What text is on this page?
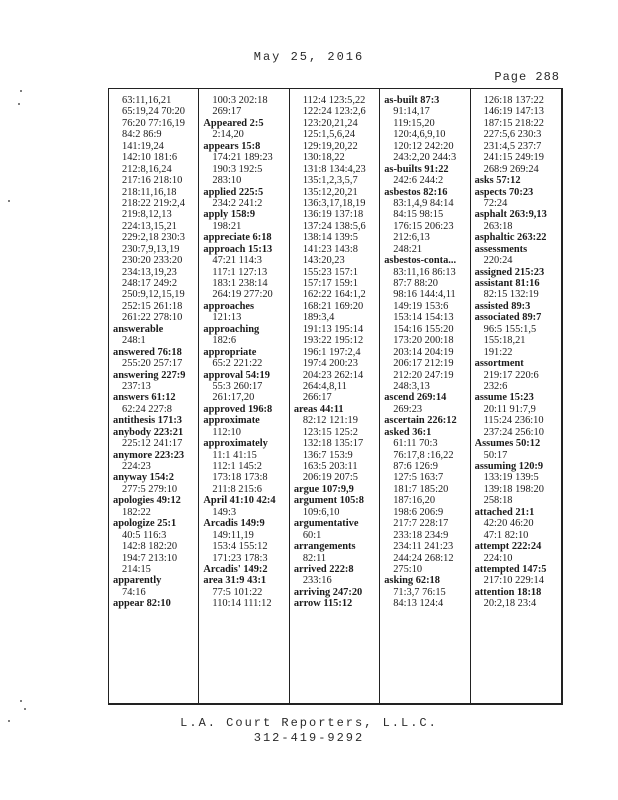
May 25, 2016
Page 288
63:11,16,21
65:19,24 70:20
76:20 77:16,19
84:2 86:9
141:19,24
142:10 181:6
212:8,16,24
217:16 218:10
218:11,16,18
218:22 219:2,4
219:8,12,13
224:13,15,21
229:2,18 230:3
230:7,9,13,19
230:20 233:20
234:13,19,23
248:17 249:2
250:9,12,15,19
252:15 261:18
261:22 278:10
answerable
248:1
answered 76:18
255:20 257:17
answering 227:9
237:13
answers 61:12
62:24 227:8
antithesis 171:3
anybody 223:21
225:12 241:17
anymore 223:23
224:23
anyway 154:2
277:5 279:10
apologies 49:12
182:22
apologize 25:1
40:5 116:3
142:8 182:20
194:7 213:10
214:15
apparently
74:16
appear 82:10
100:3 202:18
269:17
Appeared 2:5
2:14,20
appears 15:8
174:21 189:23
190:3 192:5
283:10
applied 225:5
234:2 241:2
apply 158:9
198:21
appreciate 6:18
approach 15:13
47:21 114:3
117:1 127:13
183:1 238:14
264:19 277:20
approaches
121:13
approaching
182:6
appropriate
65:2 221:22
approval 54:19
55:3 260:17
261:17,20
approved 196:8
approximate
112:10
approximately
11:1 41:15
112:1 145:2
173:18 173:8
211:8 215:6
April 41:10 42:4
149:3
Arcadis 149:9
149:11,19
153:4 155:12
171:23 178:3
Arcadis' 149:2
area 31:9 43:1
77:5 101:22
110:14 111:12
112:4 123:5,22
122:24 123:2,6
123:20,21,24
125:1,5,6,24
129:19,20,22
130:18,22
131:8 134:4,23
135:1,2,3,5,7
135:12,20,21
136:3,17,18,19
136:19 137:18
137:24 138:5,6
138:14 139:5
141:23 143:8
143:20,23
155:23 157:1
157:17 159:1
162:22 164:1,2
168:21 169:20
189:3,4
191:13 195:14
193:22 195:12
196:1 197:2,4
197:4 200:23
204:23 262:14
264:4,8,11
266:17
areas 44:11
82:12 121:19
123:15 125:2
132:18 135:17
136:7 153:9
163:5 203:11
206:19 207:5
argue 107:9,9
argument 105:8
109:6,10
argumentative
60:1
arrangements
82:11
arrived 222:8
233:16
arriving 247:20
arrow 115:12
as-built 87:3
91:14,17
119:15,20
120:4,6,9,10
120:12 242:20
243:2,20 244:3
as-builts 91:22
242:6 244:2
asbestos 82:16
83:1,4,9 84:14
84:15 98:15
176:15 206:23
212:6,13
248:21
asbestos-conta...
83:11,16 86:13
87:7 88:20
98:16 144:4,11
149:19 153:6
153:14 154:13
154:16 155:20
173:20 200:18
203:14 204:19
206:17 212:19
212:20 247:19
248:3,13
ascend 269:14
269:23
ascertain 226:12
asked 36:1
61:11 70:3
76:17,8 :16,22
87:6 126:9
127:5 163:7
181:7 185:20
187:16,20
198:6 206:9
217:7 228:17
233:18 234:9
234:11 241:23
244:24 268:12
275:10
asking 62:18
71:3,7 76:15
84:13 124:4
126:18 137:22
146:19 147:13
187:15 218:22
227:5,6 230:3
231:4,5 237:7
241:15 249:19
268:9 269:24
asks 57:12
aspects 70:23
72:24
asphalt 263:9,13
263:18
asphaltic 263:22
assessments
220:24
assigned 215:23
assistant 81:16
82:15 132:19
assisted 89:3
associated 89:7
96:5 155:1,5
155:18,21
191:22
assortment
219:17 220:6
232:6
assume 15:23
20:11 91:7,9
115:24 236:10
237:24 256:10
Assumes 50:12
50:17
assuming 120:9
133:19 139:5
139:18 198:20
258:18
attached 21:1
42:20 46:20
47:1 82:10
attempt 222:24
224:10
attempted 147:5
217:10 229:14
attention 18:18
20:2,18 23:4
L.A. Court Reporters, L.L.C.
312-419-9292
